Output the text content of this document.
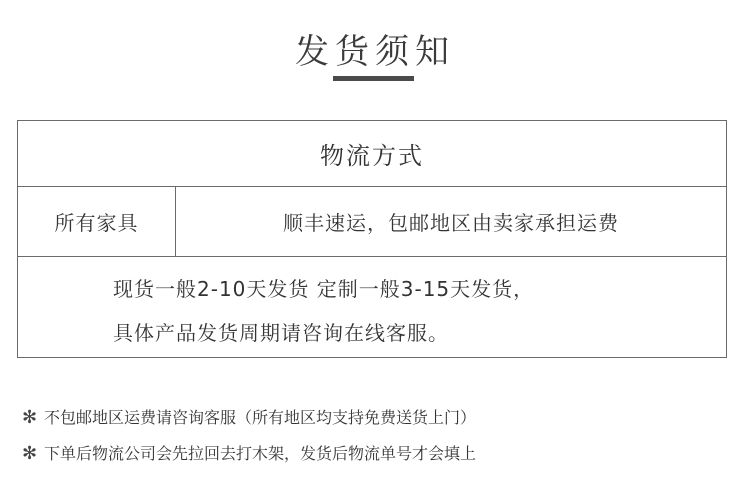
发货须知
物流方式
所有家具	顺丰速运，包邮地区由卖家承担运费
现货一般2-10天发货 定制一般3-15天发货，
具体产品发货周期请咨询在线客服。
✻ 不包邮地区运费请咨询客服（所有地区均支持免费送货上门）
✻ 下单后物流公司会先拉回去打木架，发货后物流单号才会填上
